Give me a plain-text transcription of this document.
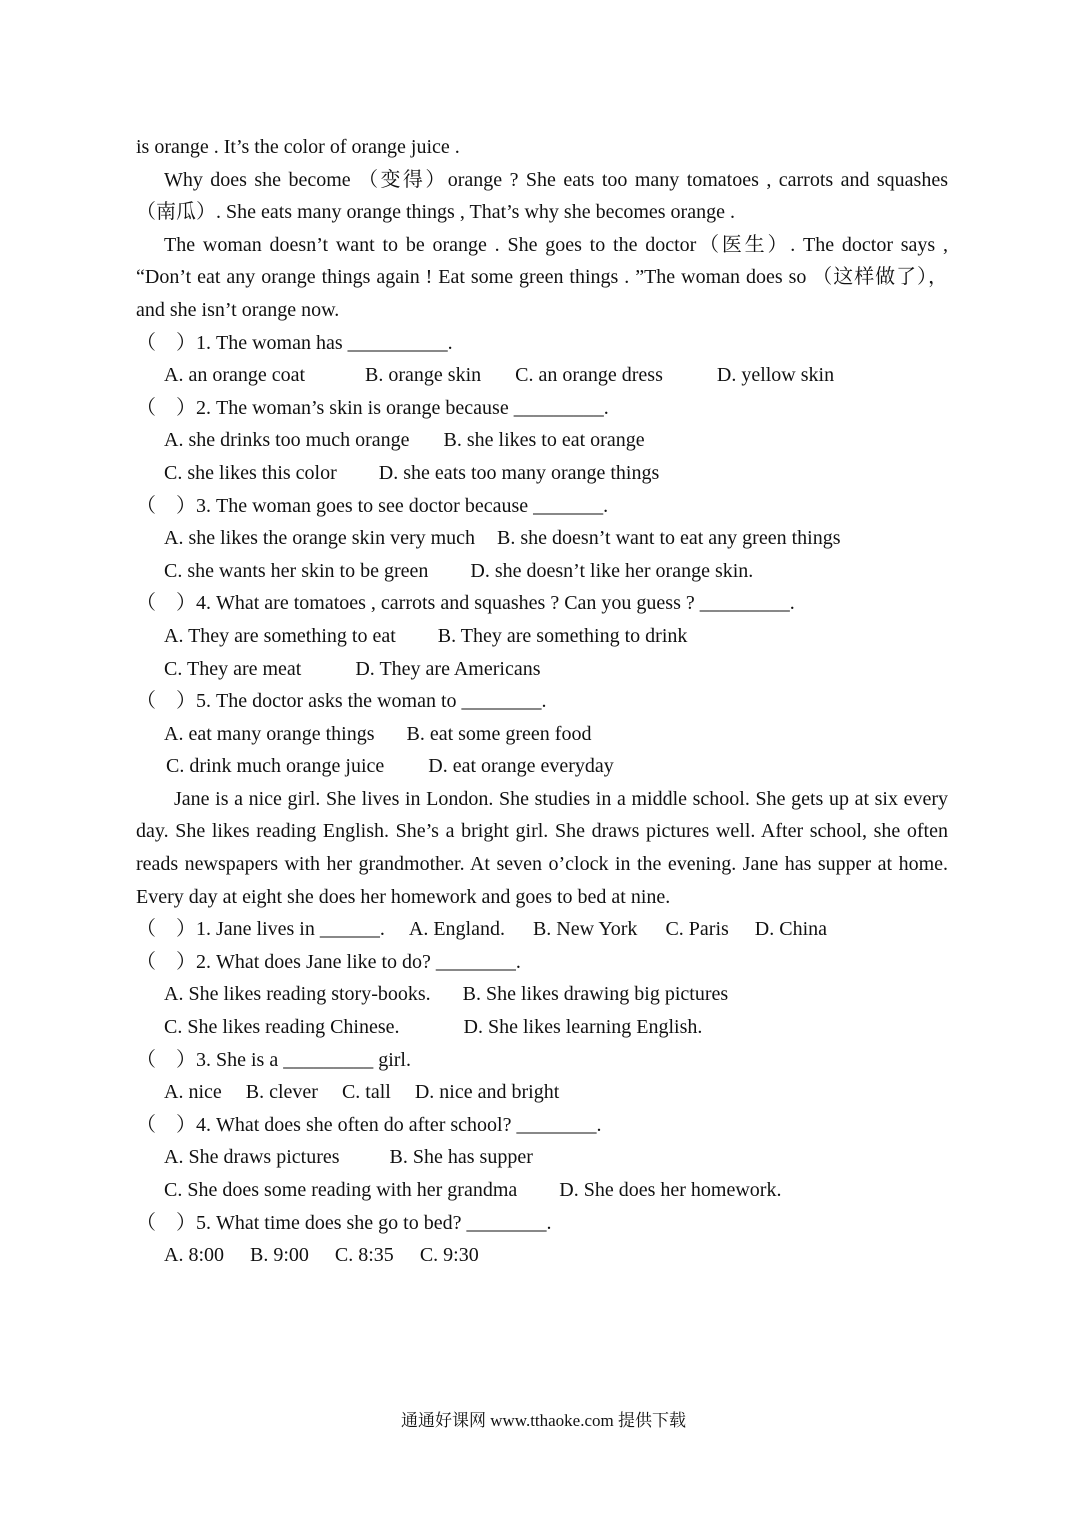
is orange . It’s the color of orange juice .

Why does she become （变得）orange ? She eats too many tomatoes , carrots and squashes （南瓜）. She eats many orange things , That’s why she becomes orange .

The woman doesn’t want to be orange . She goes to the doctor（医生）. The doctor says , “Don’t eat any orange things again ! Eat some green things . ”The woman does so （这样做了），and she isn’t orange now.

（　）1. The woman has __________.

A. an orange coat	B. orange skin C. an orange dress	D. yellow skin

（　）2. The woman’s skin is orange because _________.

A. she drinks too much orange B. she likes to eat orange

C. she likes this color D. she eats too many orange things

（　）3. The woman goes to see doctor because _______.

A. she likes the orange skin very much B. she doesn’t want to eat any green things

C. she wants her skin to be green D. she doesn’t like her orange skin.

（　）4. What are tomatoes , carrots and squashes ? Can you guess ? _________.

A. They are something to eat B. They are something to drink

C. They are meat	D. They are Americans

（　）5. The doctor asks the woman to ________.

A. eat many orange things B. eat some green food

C. drink much orange juice D. eat orange everyday

Jane is a nice girl. She lives in London. She studies in a middle school. She gets up at six every day. She likes reading English. She’s a bright girl. She draws pictures well. After school, she often reads newspapers with her grandmother. At seven o’clock in the evening. Jane has supper at home. Every day at eight she does her homework and goes to bed at nine.

（　）1. Jane lives in ______. A. England. B. New York C. Paris D. China

（　）2. What does Jane like to do? ________.

A. She likes reading story-books. B. She likes drawing big pictures

C. She likes reading Chinese.	D. She likes learning English.

（　）3. She is a _________ girl.

A. nice B. clever C. tall D. nice and bright

（　）4. What does she often do after school? ________.

A. She draws pictures	B. She has supper

C. She does some reading with her grandma D. She does her homework.

（　）5. What time does she go to bed? ________.

A. 8:00 B. 9:00 C. 8:35 C. 9:30

通通好课网 www.tthaoke.com 提供下载
